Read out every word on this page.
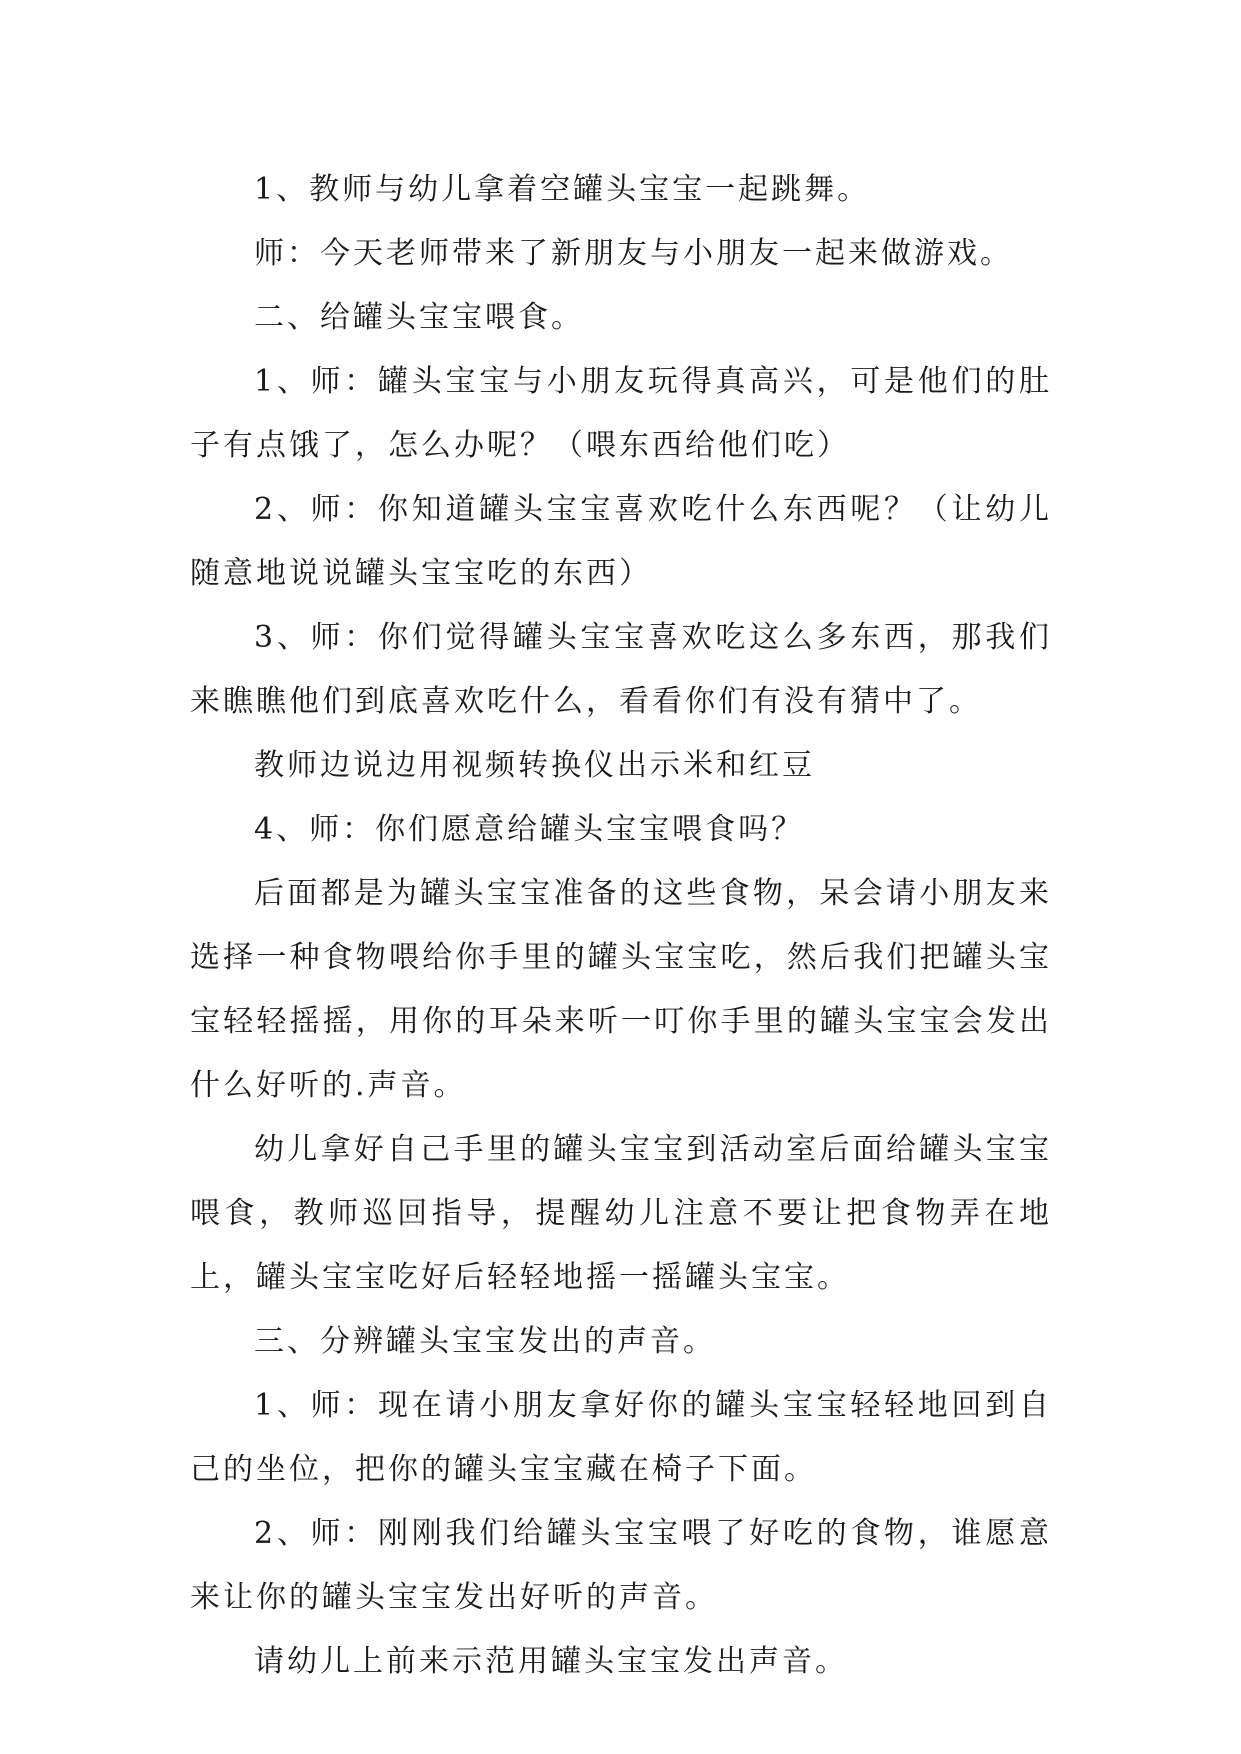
1、教师与幼儿拿着空罐头宝宝一起跳舞。

师：今天老师带来了新朋友与小朋友一起来做游戏。

二、给罐头宝宝喂食。

1、师：罐头宝宝与小朋友玩得真高兴，可是他们的肚子有点饿了，怎么办呢？（喂东西给他们吃）

2、师：你知道罐头宝宝喜欢吃什么东西呢？（让幼儿随意地说说罐头宝宝吃的东西）

3、师：你们觉得罐头宝宝喜欢吃这么多东西，那我们来瞧瞧他们到底喜欢吃什么，看看你们有没有猜中了。

教师边说边用视频转换仪出示米和红豆

4、师：你们愿意给罐头宝宝喂食吗？

后面都是为罐头宝宝准备的这些食物，呆会请小朋友来选择一种食物喂给你手里的罐头宝宝吃，然后我们把罐头宝宝轻轻摇摇，用你的耳朵来听一叮你手里的罐头宝宝会发出什么好听的.声音。

幼儿拿好自己手里的罐头宝宝到活动室后面给罐头宝宝喂食，教师巡回指导，提醒幼儿注意不要让把食物弄在地上，罐头宝宝吃好后轻轻地摇一摇罐头宝宝。

三、分辨罐头宝宝发出的声音。

1、师：现在请小朋友拿好你的罐头宝宝轻轻地回到自己的坐位，把你的罐头宝宝藏在椅子下面。

2、师：刚刚我们给罐头宝宝喂了好吃的食物，谁愿意来让你的罐头宝宝发出好听的声音。

请幼儿上前来示范用罐头宝宝发出声音。
